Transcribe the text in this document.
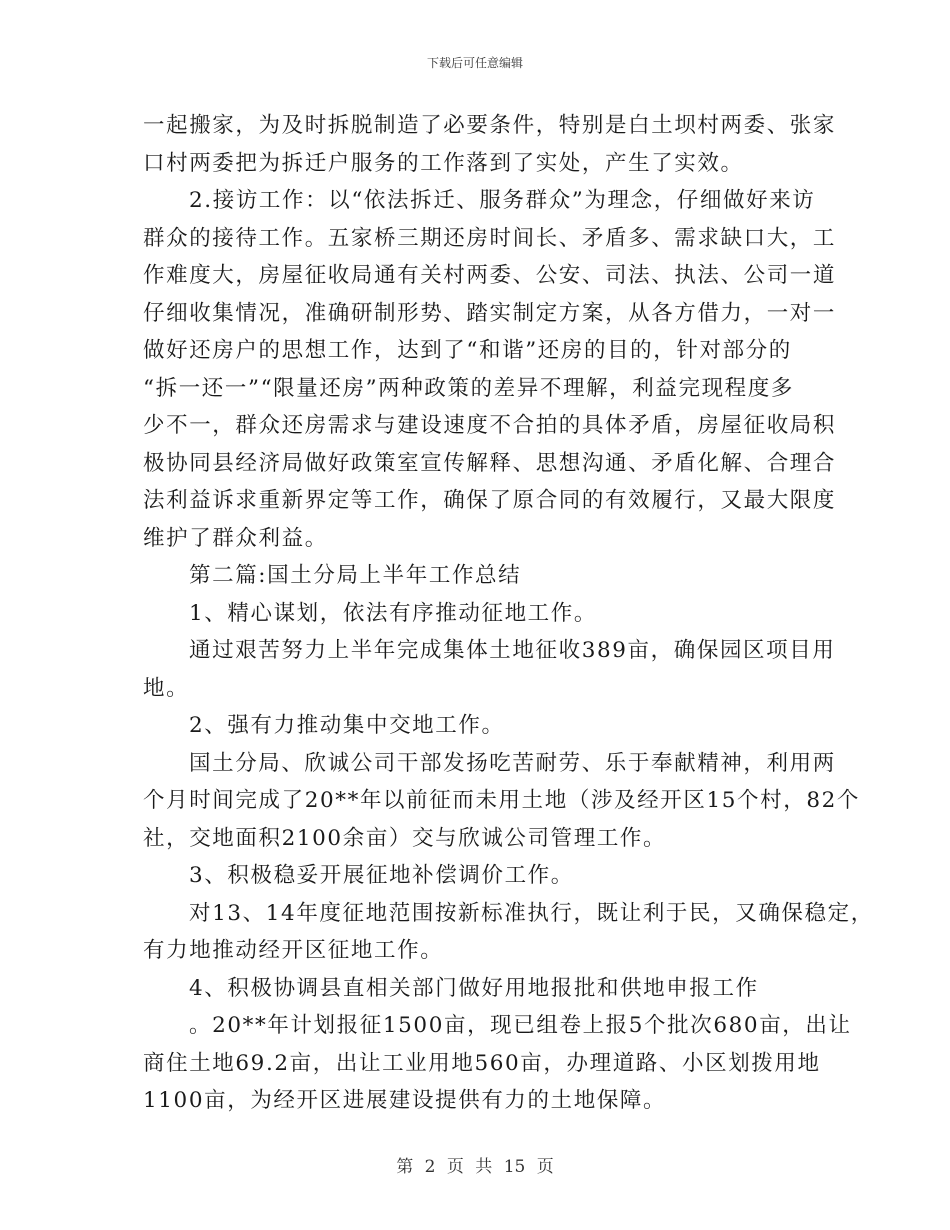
下载后可任意编辑
一起搬家，为及时拆脱制造了必要条件，特别是白土坝村两委、张家
口村两委把为拆迁户服务的工作落到了实处，产生了实效。
2.接访工作：以“依法拆迁、服务群众”为理念，仔细做好来访
群众的接待工作。五家桥三期还房时间长、矛盾多、需求缺口大，工
作难度大，房屋征收局通有关村两委、公安、司法、执法、公司一道
仔细收集情况，准确研制形势、踏实制定方案，从各方借力，一对一
做好还房户的思想工作，达到了“和谐”还房的目的，针对部分的
“拆一还一”“限量还房”两种政策的差异不理解，利益完现程度多
少不一，群众还房需求与建设速度不合拍的具体矛盾，房屋征收局积
极协同县经济局做好政策室宣传解释、思想沟通、矛盾化解、合理合
法利益诉求重新界定等工作，确保了原合同的有效履行，又最大限度
维护了群众利益。
第二篇:国土分局上半年工作总结
1、精心谋划，依法有序推动征地工作。
通过艰苦努力上半年完成集体土地征收389亩，确保园区项目用
地。
2、强有力推动集中交地工作。
国土分局、欣诚公司干部发扬吃苦耐劳、乐于奉献精神，利用两
个月时间完成了20**年以前征而未用土地（涉及经开区15个村，82个
社，交地面积2100余亩）交与欣诚公司管理工作。
3、积极稳妥开展征地补偿调价工作。
对13、14年度征地范围按新标准执行，既让利于民，又确保稳定，
有力地推动经开区征地工作。
4、积极协调县直相关部门做好用地报批和供地申报工作
。20**年计划报征1500亩，现已组卷上报5个批次680亩，出让
商住土地69.2亩，出让工业用地560亩，办理道路、小区划拨用地
1100亩，为经开区进展建设提供有力的土地保障。
第 2 页 共 15 页
